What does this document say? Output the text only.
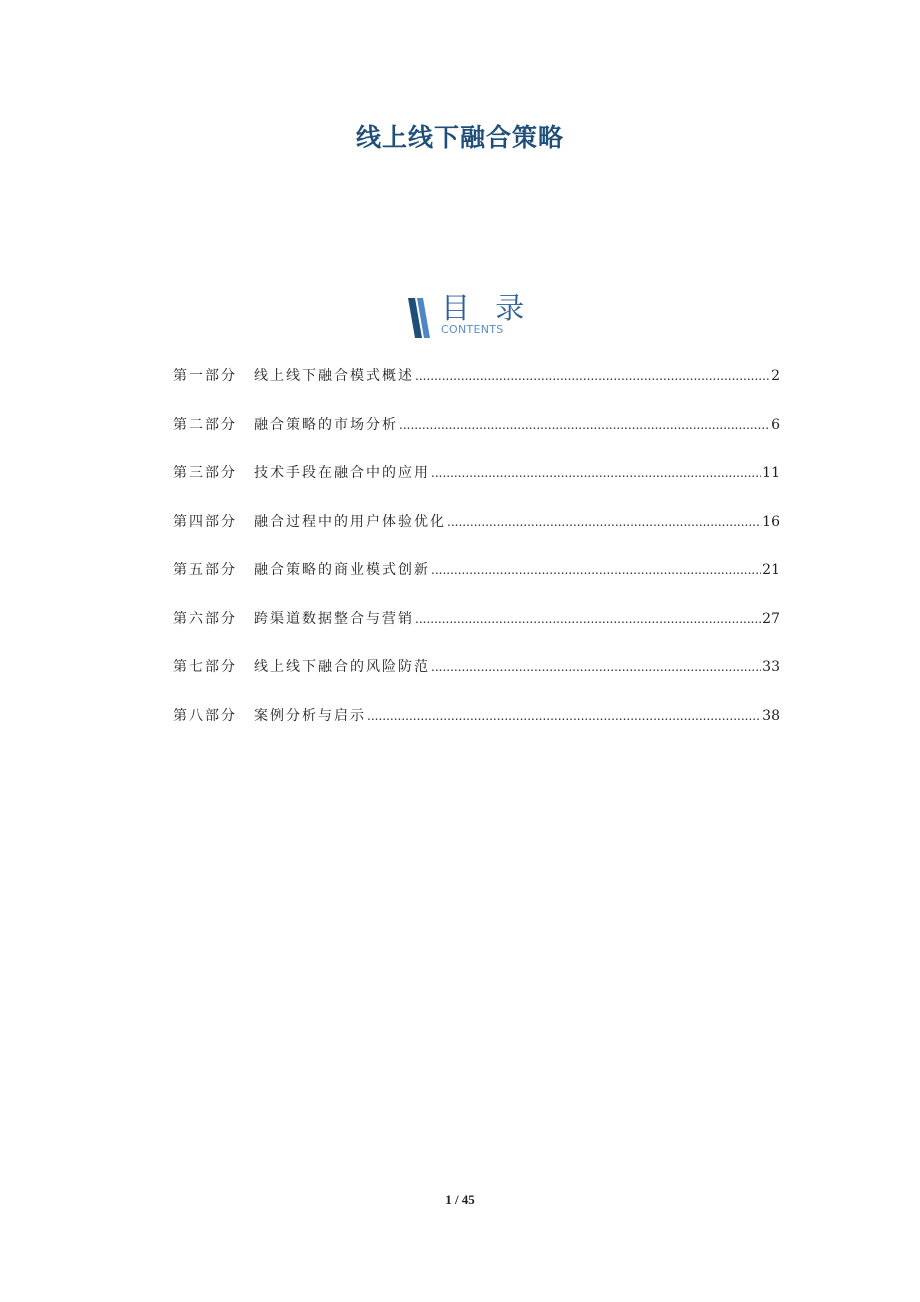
线上线下融合策略
目 录
CONTENTS
第一部分	线上线下融合模式概述 .....	2
第二部分	融合策略的市场分析 .....	6
第三部分	技术手段在融合中的应用 .....	11
第四部分	融合过程中的用户体验优化 .....	16
第五部分	融合策略的商业模式创新 .....	21
第六部分	跨渠道数据整合与营销 .....	27
第七部分	线上线下融合的风险防范 .....	33
第八部分	案例分析与启示 .....	38
1 / 45
